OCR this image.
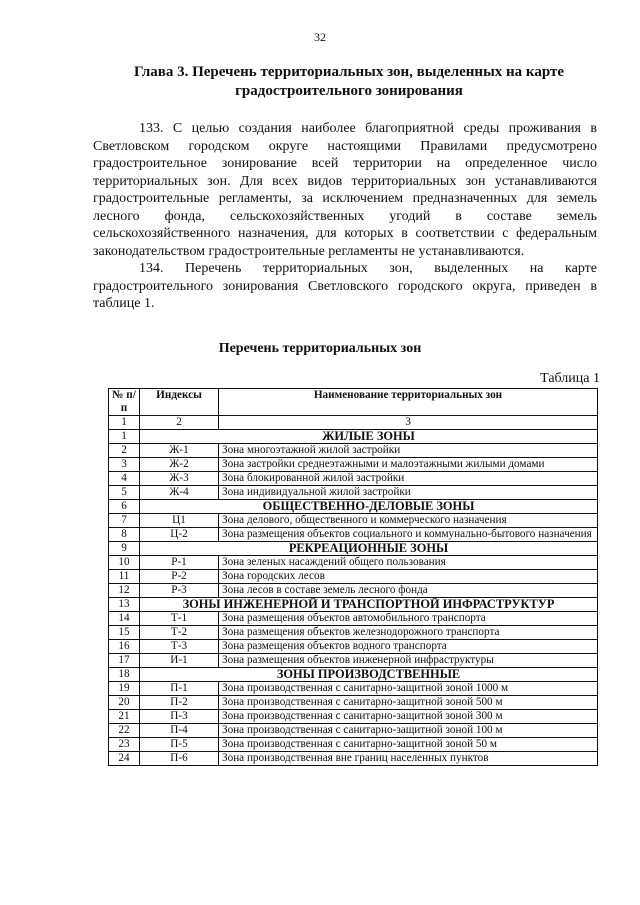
32
Глава 3. Перечень территориальных зон, выделенных на карте градостроительного зонирования

133. С целью создания наиболее благоприятной среды проживания в Светловском городском округе настоящими Правилами предусмотрено градостроительное зонирование всей территории на определенное число территориальных зон. Для всех видов территориальных зон устанавливаются градостроительные регламенты, за исключением предназначенных для земель лесного фонда, сельскохозяйственных угодий в составе земель сельскохозяйственного назначения, для которых в соответствии с федеральным законодательством градостроительные регламенты не устанавливаются.

134. Перечень территориальных зон, выделенных на карте градостроительного зонирования Светловского городского округа, приведен в таблице 1.

Перечень территориальных зон
Таблица 1
№ п/п	Индексы	Наименование территориальных зон
1	2	3
1	ЖИЛЫЕ ЗОНЫ	
2	Ж-1	Зона многоэтажной жилой застройки
3	Ж-2	Зона застройки среднеэтажными и малоэтажными жилыми домами
4	Ж-3	Зона блокированной жилой застройки
5	Ж-4	Зона индивидуальной жилой застройки
6	ОБЩЕСТВЕННО-ДЕЛОВЫЕ ЗОНЫ	
7	Ц1	Зона делового, общественного и коммерческого назначения
8	Ц-2	Зона размещения объектов социального и коммунально-бытового назначения
9	РЕКРЕАЦИОННЫЕ ЗОНЫ	
10	Р-1	Зона зеленых насаждений общего пользования
11	Р-2	Зона городских лесов
12	Р-3	Зона лесов в составе земель лесного фонда
13	ЗОНЫ ИНЖЕНЕРНОЙ И ТРАНСПОРТНОЙ ИНФРАСТРУКТУР	
14	Т-1	Зона размещения объектов автомобильного транспорта
15	Т-2	Зона размещения объектов железнодорожного транспорта
16	Т-3	Зона размещения объектов водного транспорта
17	И-1	Зона размещения объектов инженерной инфраструктуры
18	ЗОНЫ ПРОИЗВОДСТВЕННЫЕ	
19	П-1	Зона производственная с санитарно-защитной зоной 1000 м
20	П-2	Зона производственная с санитарно-защитной зоной 500 м
21	П-3	Зона производственная с санитарно-защитной зоной 300 м
22	П-4	Зона производственная с санитарно-защитной зоной 100 м
23	П-5	Зона производственная с санитарно-защитной зоной 50 м
24	П-6	Зона производственная вне границ населенных пунктов
